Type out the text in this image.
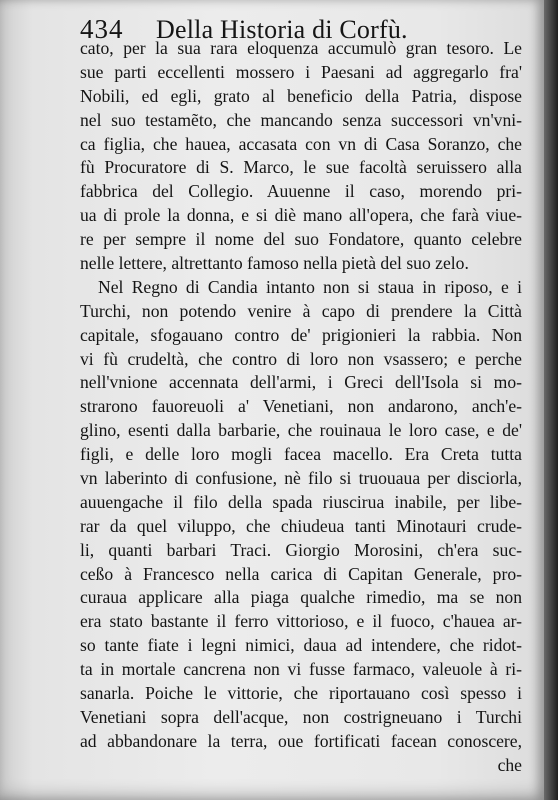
434 Della Historia di Corfù.
cato, per la sua rara eloquenza accumulò gran tesoro. Le
sue parti eccellenti mossero i Paesani ad aggregarlo fra'
Nobili, ed egli, grato al beneficio della Patria, dispose
nel suo testamẽto, che mancando senza successori vn'vni-
ca figlia, che hauea, accasata con vn di Casa Soranzo, che
fù Procuratore di S. Marco, le sue facoltà seruissero alla
fabbrica del Collegio. Auuenne il caso, morendo pri-
ua di prole la donna, e si diè mano all'opera, che farà viue-
re per sempre il nome del suo Fondatore, quanto celebre
nelle lettere, altrettanto famoso nella pietà del suo zelo.
Nel Regno di Candia intanto non si staua in riposo, e i
Turchi, non potendo venire à capo di prendere la Città
capitale, sfogauano contro de' prigionieri la rabbia. Non
vi fù crudeltà, che contro di loro non vsassero; e perche
nell'vnione accennata dell'armi, i Greci dell'Isola si mo-
strarono fauoreuoli a' Venetiani, non andarono, anch'e-
glino, esenti dalla barbarie, che rouinaua le loro case, e de'
figli, e delle loro mogli facea macello. Era Creta tutta
vn laberinto di confusione, nè filo si truouaua per disciorla,
auuengache il filo della spada riuscirua inabile, per libe-
rar da quel viluppo, che chiudeua tanti Minotauri crude-
li, quanti barbari Traci. Giorgio Morosini, ch'era suc-
ceßo à Francesco nella carica di Capitan Generale, pro-
curaua applicare alla piaga qualche rimedio, ma se non
era stato bastante il ferro vittorioso, e il fuoco, c'hauea ar-
so tante fiate i legni nimici, daua ad intendere, che ridot-
ta in mortale cancrena non vi fusse farmaco, valeuole à ri-
sanarla. Poiche le vittorie, che riportauano così spesso i
Venetiani sopra dell'acque, non costrigneuano i Turchi
ad abbandonare la terra, oue fortificati facean conoscere,
che
